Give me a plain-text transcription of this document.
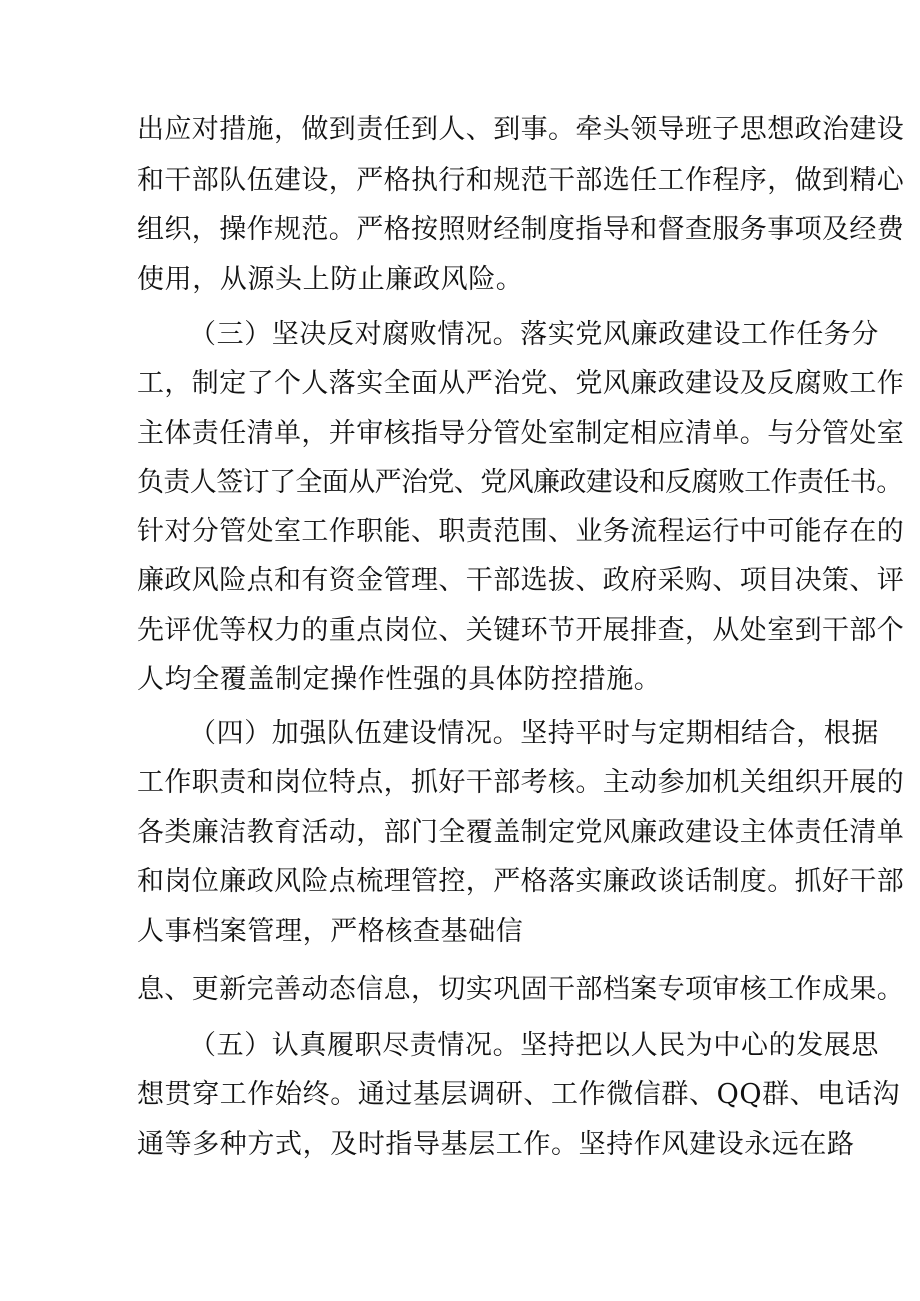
出应对措施，做到责任到人、到事。牵头领导班子思想政治建设
和干部队伍建设，严格执行和规范干部选任工作程序，做到精心
组织，操作规范。严格按照财经制度指导和督查服务事项及经费
使用，从源头上防止廉政风险。
（三）坚决反对腐败情况。落实党风廉政建设工作任务分
工，制定了个人落实全面从严治党、党风廉政建设及反腐败工作
主体责任清单，并审核指导分管处室制定相应清单。与分管处室
负责人签订了全面从严治党、党风廉政建设和反腐败工作责任书。
针对分管处室工作职能、职责范围、业务流程运行中可能存在的
廉政风险点和有资金管理、干部选拔、政府采购、项目决策、评
先评优等权力的重点岗位、关键环节开展排查，从处室到干部个
人均全覆盖制定操作性强的具体防控措施。
（四）加强队伍建设情况。坚持平时与定期相结合，根据
工作职责和岗位特点，抓好干部考核。主动参加机关组织开展的
各类廉洁教育活动，部门全覆盖制定党风廉政建设主体责任清单
和岗位廉政风险点梳理管控，严格落实廉政谈话制度。抓好干部
人事档案管理，严格核查基础信
息、更新完善动态信息，切实巩固干部档案专项审核工作成果。
（五）认真履职尽责情况。坚持把以人民为中心的发展思
想贯穿工作始终。通过基层调研、工作微信群、QQ群、电话沟
通等多种方式，及时指导基层工作。坚持作风建设永远在路
